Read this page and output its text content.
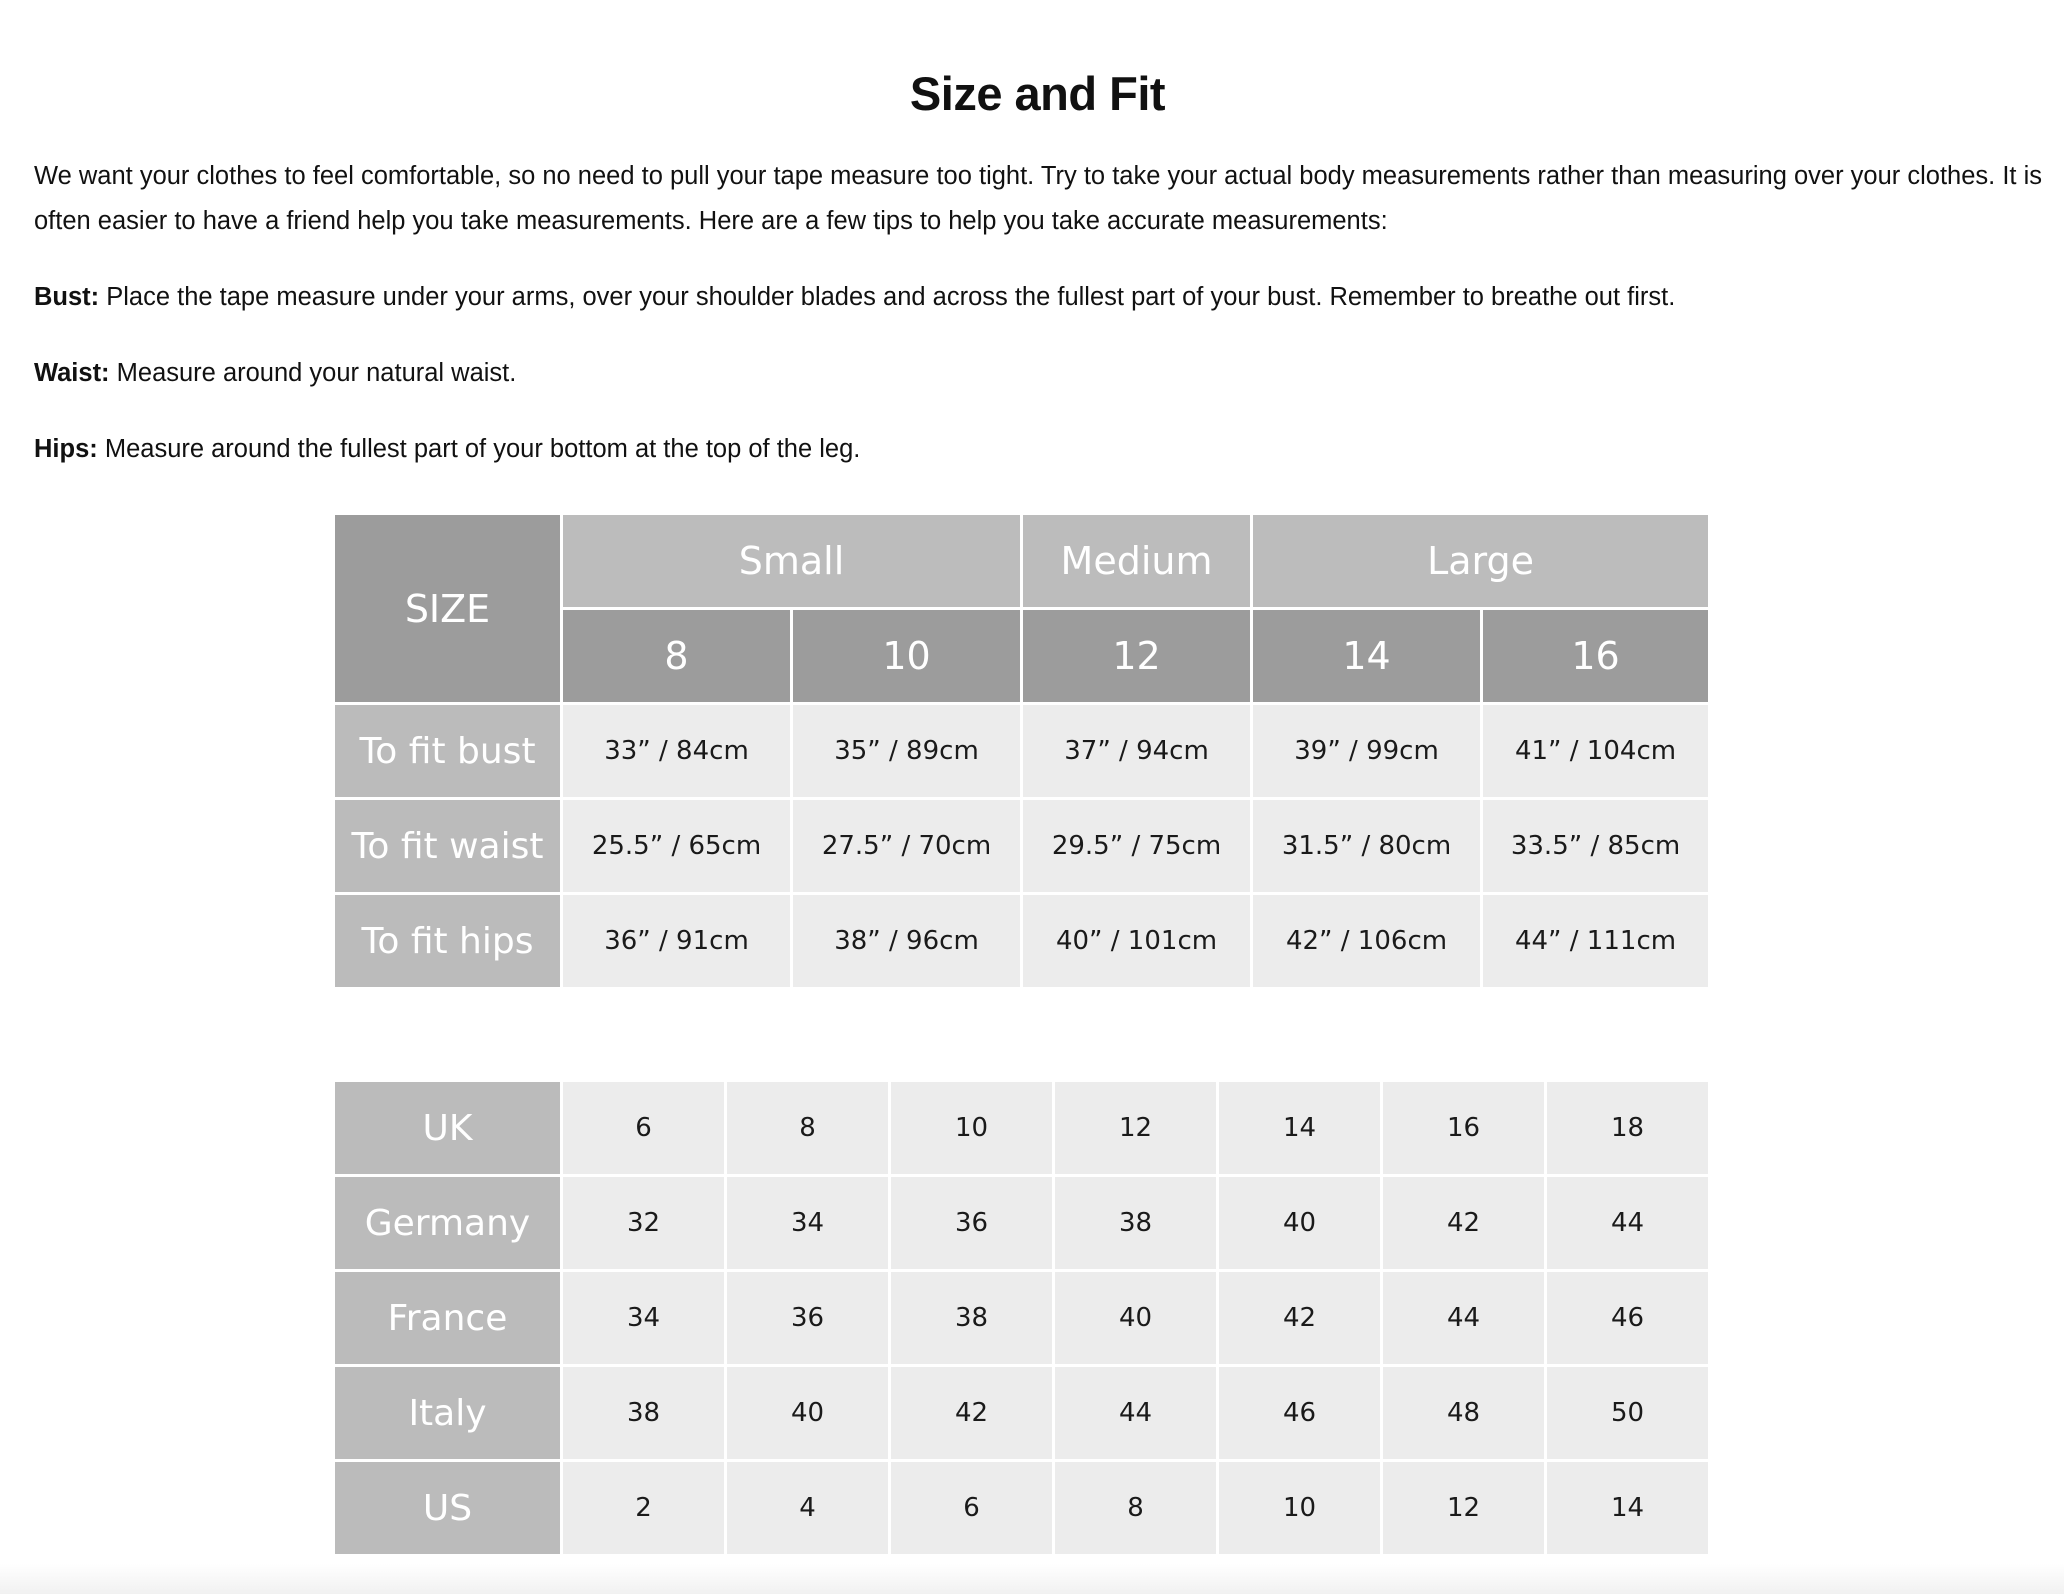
Size and Fit

We want your clothes to feel comfortable, so no need to pull your tape measure too tight. Try to take your actual body measurements rather than measuring over your clothes. It is often easier to have a friend help you take measurements. Here are a few tips to help you take accurate measurements:

Bust: Place the tape measure under your arms, over your shoulder blades and across the fullest part of your bust. Remember to breathe out first.

Waist: Measure around your natural waist.

Hips: Measure around the fullest part of your bottom at the top of the leg.

SIZE	Small		Medium	Large	
	8	10	12	14	16
To fit bust	33” / 84cm	35” / 89cm	37” / 94cm	39” / 99cm	41” / 104cm
To fit waist	25.5” / 65cm	27.5” / 70cm	29.5” / 75cm	31.5” / 80cm	33.5” / 85cm
To fit hips	36” / 91cm	38” / 96cm	40” / 101cm	42” / 106cm	44” / 111cm
UK	6	8	10	12	14	16	18
Germany	32	34	36	38	40	42	44
France	34	36	38	40	42	44	46
Italy	38	40	42	44	46	48	50
US	2	4	6	8	10	12	14
